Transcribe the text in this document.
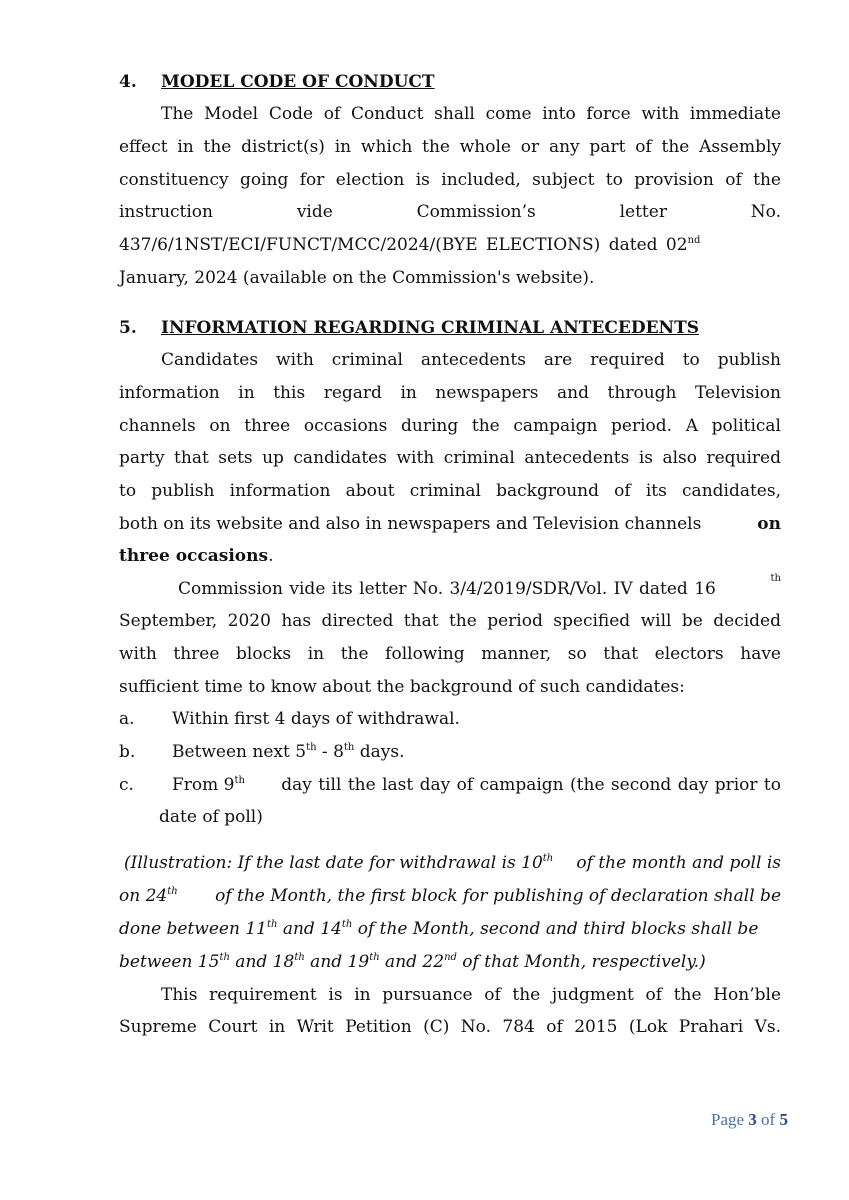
4. MODEL CODE OF CONDUCT
The Model Code of Conduct shall come into force with immediate
effect in the district(s) in which the whole or any part of the Assembly
constituency going for election is included, subject to provision of the
instruction	vide	Commission’s	letter	No.
437/6/1NST/ECI/FUNCT/MCC/2024/(BYE ELECTIONS) dated 02nd
January, 2024 (available on the Commission's website).
5. INFORMATION REGARDING CRIMINAL ANTECEDENTS
Candidates with criminal antecedents are required to publish
information in this regard in newspapers and through Television
channels on three occasions during the campaign period. A political
party that sets up candidates with criminal antecedents is also required
to publish information about criminal background of its candidates,
both on its website and also in newspapers and Television channels	on
three occasions.
Commission vide its letter No. 3/4/2019/SDR/Vol. IV dated 16
th
September, 2020 has directed that the period specified will be decided
with three blocks in the following manner, so that electors have
sufficient time to know about the background of such candidates:
a. Within first 4 days of withdrawal.
b. Between next 5th - 8th days.
c.	From 9th day till the last day of campaign (the second day prior to
date of poll)
(Illustration: If the last date for withdrawal is 10th of the month and poll is
on 24th of the Month, the first block for publishing of declaration shall be
done between 11th and 14th of the Month, second and third blocks shall be
between 15th and 18th and 19th and 22nd of that Month, respectively.)
This requirement is in pursuance of the judgment of the Hon’ble
Supreme Court in Writ Petition (C) No. 784 of 2015 (Lok Prahari Vs.
Page 3 of 5
